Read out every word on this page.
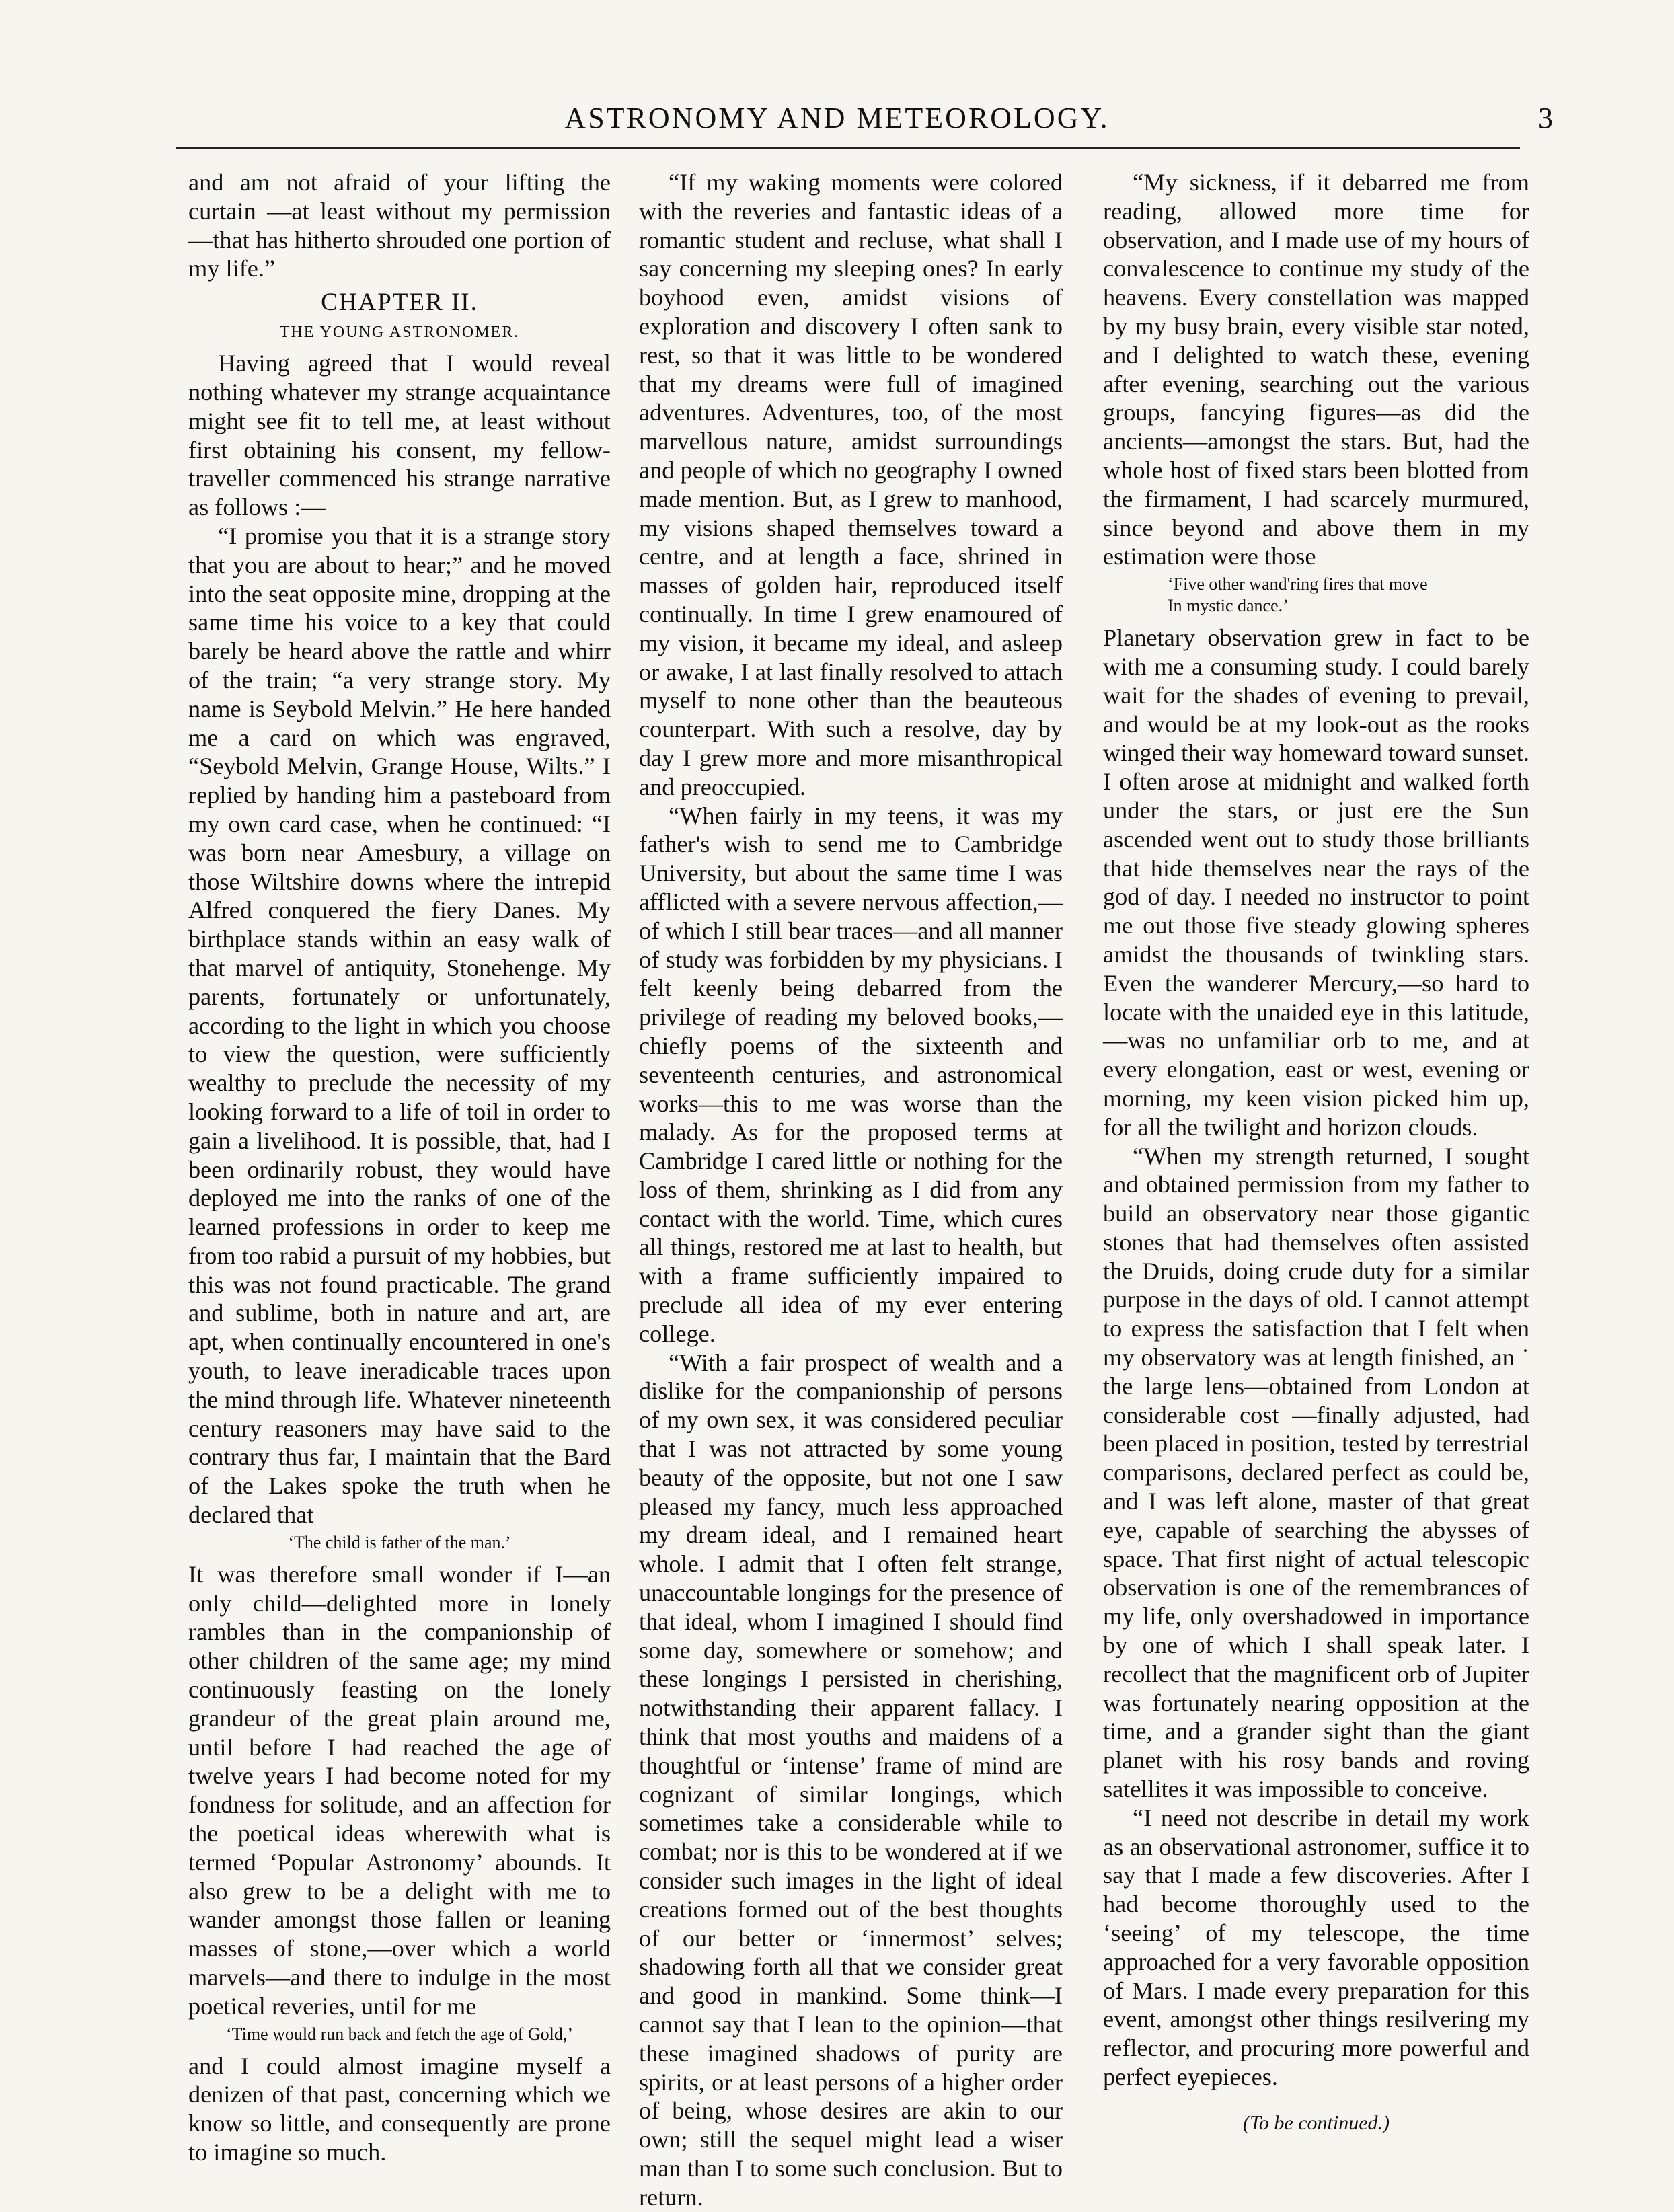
ASTRONOMY AND METEOROLOGY.	3

and am not afraid of your lifting the curtain —at least without my permission —that has hitherto shrouded one portion of my life.”

CHAPTER II.
THE YOUNG ASTRONOMER.

Having agreed that I would reveal nothing whatever my strange acquaintance might see fit to tell me, at least without first obtaining his consent, my fellow-traveller commenced his strange narrative as follows :—

“I promise you that it is a strange story that you are about to hear;” and he moved into the seat opposite mine, dropping at the same time his voice to a key that could barely be heard above the rattle and whirr of the train; “a very strange story. My name is Seybold Melvin.” He here handed me a card on which was engraved, “Seybold Melvin, Grange House, Wilts.” I replied by handing him a pasteboard from my own card case, when he continued: “I was born near Amesbury, a village on those Wiltshire downs where the intrepid Alfred conquered the fiery Danes. My birthplace stands within an easy walk of that marvel of antiquity, Stonehenge. My parents, fortunately or unfortunately, according to the light in which you choose to view the question, were sufficiently wealthy to preclude the necessity of my looking forward to a life of toil in order to gain a livelihood. It is possible, that, had I been ordinarily robust, they would have deployed me into the ranks of one of the learned professions in order to keep me from too rabid a pursuit of my hobbies, but this was not found practicable. The grand and sublime, both in nature and art, are apt, when continually encountered in one's youth, to leave ineradicable traces upon the mind through life. Whatever nineteenth century reasoners may have said to the contrary thus far, I maintain that the Bard of the Lakes spoke the truth when he declared that

‘The child is father of the man.’

It was therefore small wonder if I—an only child—delighted more in lonely rambles than in the companionship of other children of the same age; my mind continuously feasting on the lonely grandeur of the great plain around me, until before I had reached the age of twelve years I had become noted for my fondness for solitude, and an affection for the poetical ideas wherewith what is termed ‘Popular Astronomy’ abounds. It also grew to be a delight with me to wander amongst those fallen or leaning masses of stone,—over which a world marvels—and there to indulge in the most poetical reveries, until for me

‘Time would run back and fetch the age of Gold,’

and I could almost imagine myself a denizen of that past, concerning which we know so little, and consequently are prone to imagine so much.

“If my waking moments were colored with the reveries and fantastic ideas of a romantic student and recluse, what shall I say concerning my sleeping ones? In early boyhood even, amidst visions of exploration and discovery I often sank to rest, so that it was little to be wondered that my dreams were full of imagined adventures. Adventures, too, of the most marvellous nature, amidst surroundings and people of which no geography I owned made mention. But, as I grew to manhood, my visions shaped themselves toward a centre, and at length a face, shrined in masses of golden hair, reproduced itself continually. In time I grew enamoured of my vision, it became my ideal, and asleep or awake, I at last finally resolved to attach myself to none other than the beauteous counterpart. With such a resolve, day by day I grew more and more misanthropical and preoccupied.

“When fairly in my teens, it was my father's wish to send me to Cambridge University, but about the same time I was afflicted with a severe nervous affection,—of which I still bear traces—and all manner of study was forbidden by my physicians. I felt keenly being debarred from the privilege of reading my beloved books,—chiefly poems of the sixteenth and seventeenth centuries, and astronomical works—this to me was worse than the malady. As for the proposed terms at Cambridge I cared little or nothing for the loss of them, shrinking as I did from any contact with the world. Time, which cures all things, restored me at last to health, but with a frame sufficiently impaired to preclude all idea of my ever entering college.

“With a fair prospect of wealth and a dislike for the companionship of persons of my own sex, it was considered peculiar that I was not attracted by some young beauty of the opposite, but not one I saw pleased my fancy, much less approached my dream ideal, and I remained heart whole. I admit that I often felt strange, unaccountable longings for the presence of that ideal, whom I imagined I should find some day, somewhere or somehow; and these longings I persisted in cherishing, notwithstanding their apparent fallacy. I think that most youths and maidens of a thoughtful or ‘intense’ frame of mind are cognizant of similar longings, which sometimes take a considerable while to combat; nor is this to be wondered at if we consider such images in the light of ideal creations formed out of the best thoughts of our better or ‘innermost’ selves; shadowing forth all that we consider great and good in mankind. Some think—I cannot say that I lean to the opinion—that these imagined shadows of purity are spirits, or at least persons of a higher order of being, whose desires are akin to our own; still the sequel might lead a wiser man than I to some such conclusion. But to return.

“My sickness, if it debarred me from reading, allowed more time for observation, and I made use of my hours of convalescence to continue my study of the heavens. Every constellation was mapped by my busy brain, every visible star noted, and I delighted to watch these, evening after evening, searching out the various groups, fancying figures—as did the ancients—amongst the stars. But, had the whole host of fixed stars been blotted from the firmament, I had scarcely murmured, since beyond and above them in my estimation were those

‘Five other wand'ring fires that move
In mystic dance.’

Planetary observation grew in fact to be with me a consuming study. I could barely wait for the shades of evening to prevail, and would be at my look-out as the rooks winged their way homeward toward sunset. I often arose at midnight and walked forth under the stars, or just ere the Sun ascended went out to study those brilliants that hide themselves near the rays of the god of day. I needed no instructor to point me out those five steady glowing spheres amidst the thousands of twinkling stars. Even the wanderer Mercury,—so hard to locate with the unaided eye in this latitude,—was no unfamiliar orb to me, and at every elongation, east or west, evening or morning, my keen vision picked him up, for all the twilight and horizon clouds.

“When my strength returned, I sought and obtained permission from my father to build an observatory near those gigantic stones that had themselves often assisted the Druids, doing crude duty for a similar purpose in the days of old. I cannot attempt to express the satisfaction that I felt when my observatory was at length finished, an ˙ the large lens—obtained from London at considerable cost —finally adjusted, had been placed in position, tested by terrestrial comparisons, declared perfect as could be, and I was left alone, master of that great eye, capable of searching the abysses of space. That first night of actual telescopic observation is one of the remembrances of my life, only overshadowed in importance by one of which I shall speak later. I recollect that the magnificent orb of Jupiter was fortunately nearing opposition at the time, and a grander sight than the giant planet with his rosy bands and roving satellites it was impossible to conceive.

“I need not describe in detail my work as an observational astronomer, suffice it to say that I made a few discoveries. After I had become thoroughly used to the ‘seeing’ of my telescope, the time approached for a very favorable opposition of Mars. I made every preparation for this event, amongst other things resilvering my reflector, and procuring more powerful and perfect eyepieces.

(To be continued.)
